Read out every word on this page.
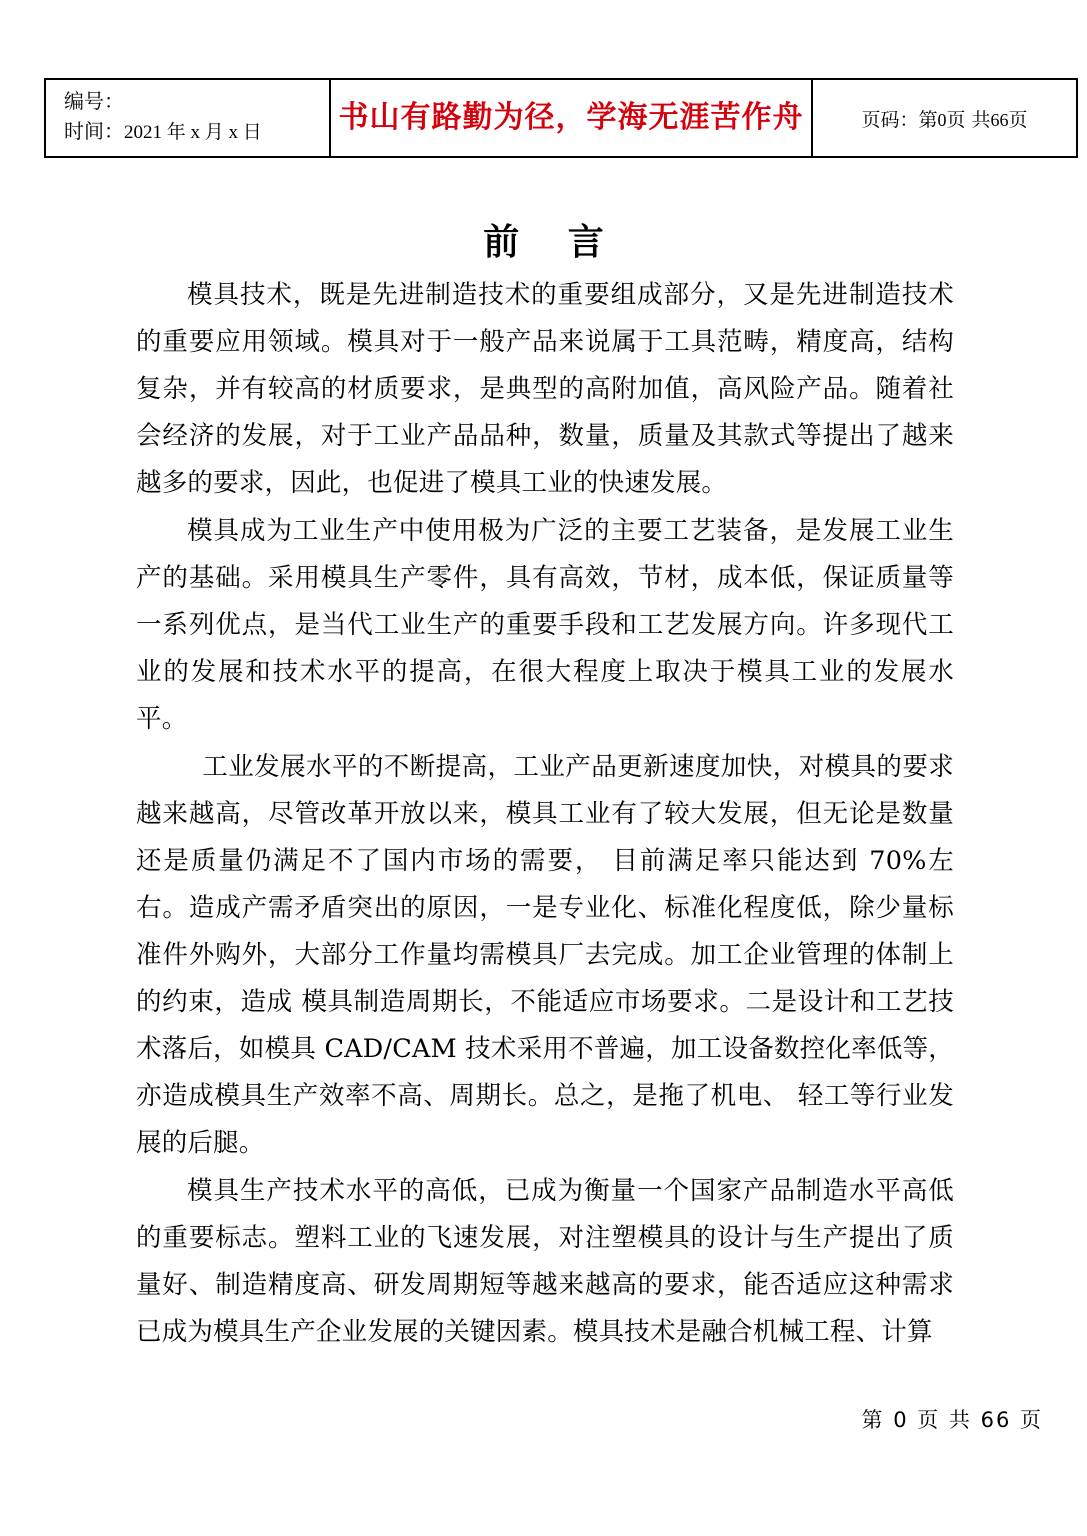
编号：
时间：2021 年 x 月 x 日	书山有路勤为径，学海无涯苦作舟	页码：第0页 共66页
前 言

模具技术，既是先进制造技术的重要组成部分，又是先进制造技术的重要应用领域。模具对于一般产品来说属于工具范畴，精度高，结构复杂，并有较高的材质要求，是典型的高附加值，高风险产品。随着社会经济的发展，对于工业产品品种，数量，质量及其款式等提出了越来越多的要求，因此，也促进了模具工业的快速发展。

模具成为工业生产中使用极为广泛的主要工艺装备，是发展工业生产的基础。采用模具生产零件，具有高效，节材，成本低，保证质量等一系列优点，是当代工业生产的重要手段和工艺发展方向。许多现代工业的发展和技术水平的提高，在很大程度上取决于模具工业的发展水平。

工业发展水平的不断提高，工业产品更新速度加快，对模具的要求越来越高，尽管改革开放以来，模具工业有了较大发展，但无论是数量还是质量仍满足不了国内市场的需要， 目前满足率只能达到 70%左右。造成产需矛盾突出的原因，一是专业化、标准化程度低，除少量标准件外购外，大部分工作量均需模具厂去完成。加工企业管理的体制上的约束，造成 模具制造周期长，不能适应市场要求。二是设计和工艺技术落后，如模具 CAD/CAM 技术采用不普遍，加工设备数控化率低等，亦造成模具生产效率不高、周期长。总之，是拖了机电、 轻工等行业发展的后腿。

模具生产技术水平的高低，已成为衡量一个国家产品制造水平高低的重要标志。塑料工业的飞速发展，对注塑模具的设计与生产提出了质量好、制造精度高、研发周期短等越来越高的要求，能否适应这种需求已成为模具生产企业发展的关键因素。模具技术是融合机械工程、计算

第 0 页 共 66 页
